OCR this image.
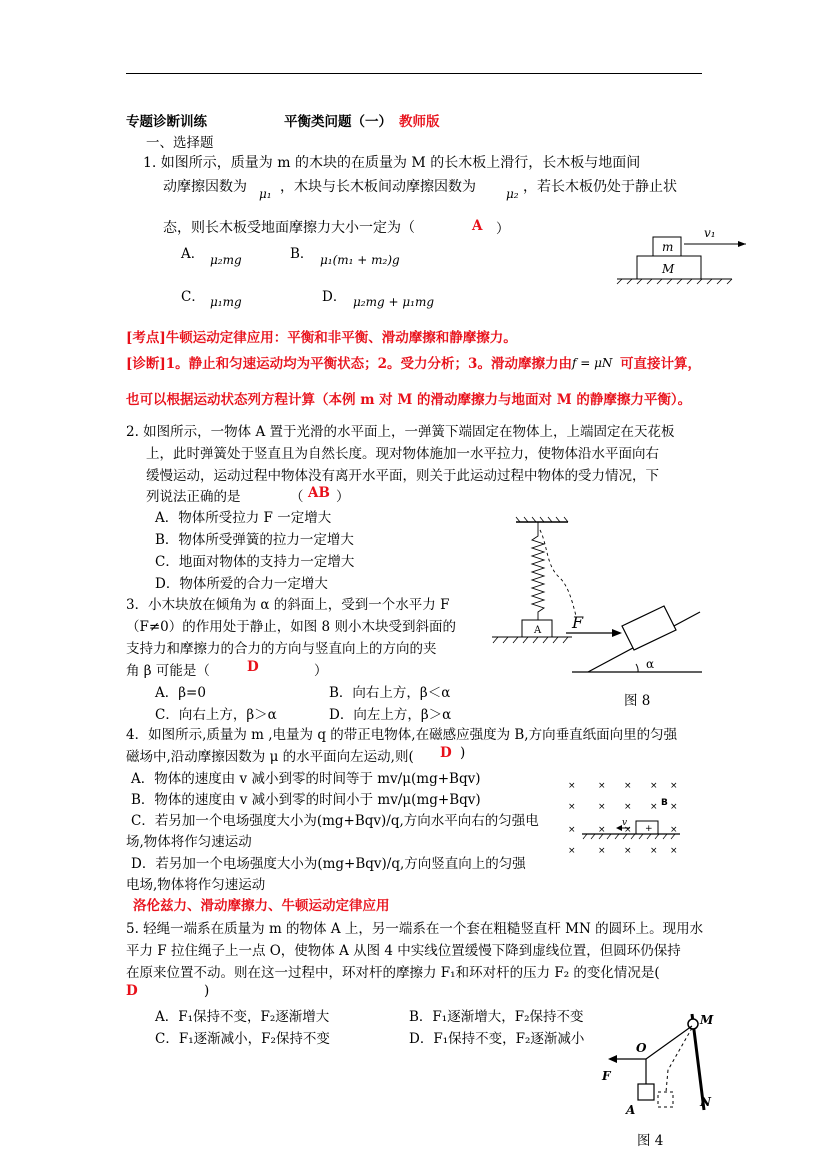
专题诊断训练	平衡类问题（一） 教师版
一、选择题
1. 如图所示，质量为 m 的木块的在质量为 M 的长木板上滑行，长木板与地面间
动摩擦因数为 μ₁ ，木块与长木板间动摩擦因数为	μ₂ ，若长木板仍处于静止状
态，则长木板受地面摩擦力大小一定为（	A ）
A． μ₂mg	B． μ₁(m₁ + m₂)g
C． μ₁mg	D． μ₂mg + μ₁mg
m
M
v₁
[考点]牛顿运动定律应用：平衡和非平衡、滑动摩擦和静摩擦力。
[诊断]1。静止和匀速运动均为平衡状态；2。受力分析；3。滑动摩擦力由 f = μN 可直接计算，
也可以根据运动状态列方程计算（本例 m 对 M 的滑动摩擦力与地面对 M 的静摩擦力平衡）。
2. 如图所示，一物体 A 置于光滑的水平面上，一弹簧下端固定在物体上，上端固定在天花板
上，此时弹簧处于竖直且为自然长度。现对物体施加一水平拉力，使物体沿水平面向右
缓慢运动，运动过程中物体没有离开水平面，则关于此运动过程中物体的受力情况，下
列说法正确的是	（ AB ）
A．物体所受拉力 F 一定增大
B．物体所受弹簧的拉力一定增大
C．地面对物体的支持力一定增大
D．物体所爱的合力一定增大
A F
α
3．小木块放在倾角为 α 的斜面上，受到一个水平力 F
（F≠0）的作用处于静止，如图 8 则小木块受到斜面的
支持力和摩擦力的合力的方向与竖直向上的方向的夹
角 β 可能是（	D	）
A．β=0	B．向右上方，β＜α
C．向右上方，β＞α	D．向左上方，β＞α
图 8
4．如图所示,质量为 m ,电量为 q 的带正电物体,在磁感应强度为 B,方向垂直纸面向里的匀强
磁场中,沿动摩擦因数为 μ 的水平面向左运动,则( D )
A．物体的速度由 v 减小到零的时间等于 mv/μ(mg+Bqv)
B．物体的速度由 v 减小到零的时间小于 mv/μ(mg+Bqv)
C．若另加一个电场强度大小为(mg+Bqv)/q,方向水平向右的匀强电
场,物体将作匀速运动
D．若另加一个电场强度大小为(mg+Bqv)/q,方向竖直向上的匀强
电场,物体将作匀速运动
× × × × ×
× × × × ×
× × ×	×
× × × × ×
B
+
v
洛伦兹力、滑动摩擦力、牛顿运动定律应用
5. 轻绳一端系在质量为 m 的物体 A 上，另一端系在一个套在粗糙竖直杆 MN 的圆环上。现用水
平力 F 拉住绳子上一点 O，使物体 A 从图 4 中实线位置缓慢下降到虚线位置，但圆环仍保持
在原来位置不动。则在这一过程中，环对杆的摩擦力 F₁和环对杆的压力 F₂ 的变化情况是(
D	)
A．F₁保持不变，F₂逐渐增大	B．F₁逐渐增大，F₂保持不变
C．F₁逐渐减小，F₂保持不变	D．F₁保持不变，F₂逐渐减小
M
O
F
A
N
图 4
